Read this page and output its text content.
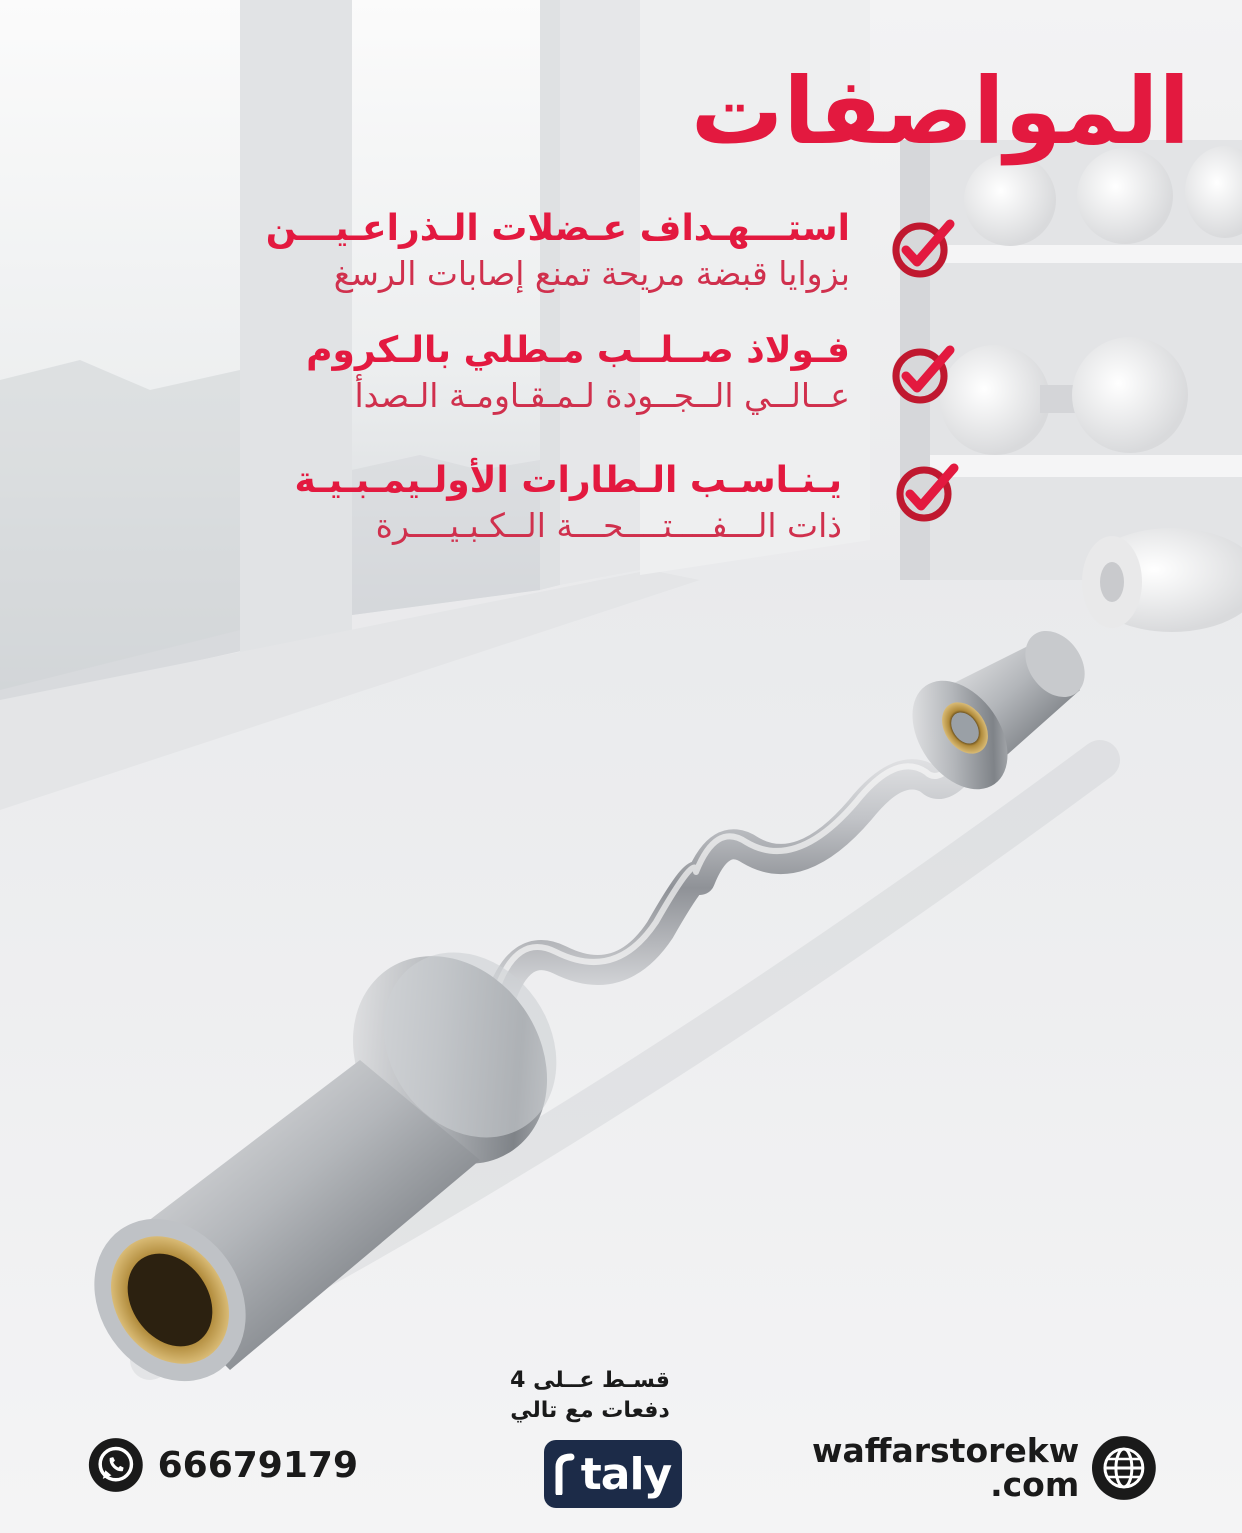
المواصفات
استـــهـداف عـضلات الـذراعـيـــن
بزوايا قبضة مريحة تمنع إصابات الرسغ
فـولاذ صــلــب مـطلي بالـكروم
عــالــي الــجــودة لـمـقـاومـة الـصدأ
يـنـاسـب الـطارات الأولـيمـبـيـة
ذات الـــفــــتــــحـــة الــكـبـيــــرة
66679179
قسـط عــلى 4
دفعات مع تالي
taly	waffarstorekw
.com
